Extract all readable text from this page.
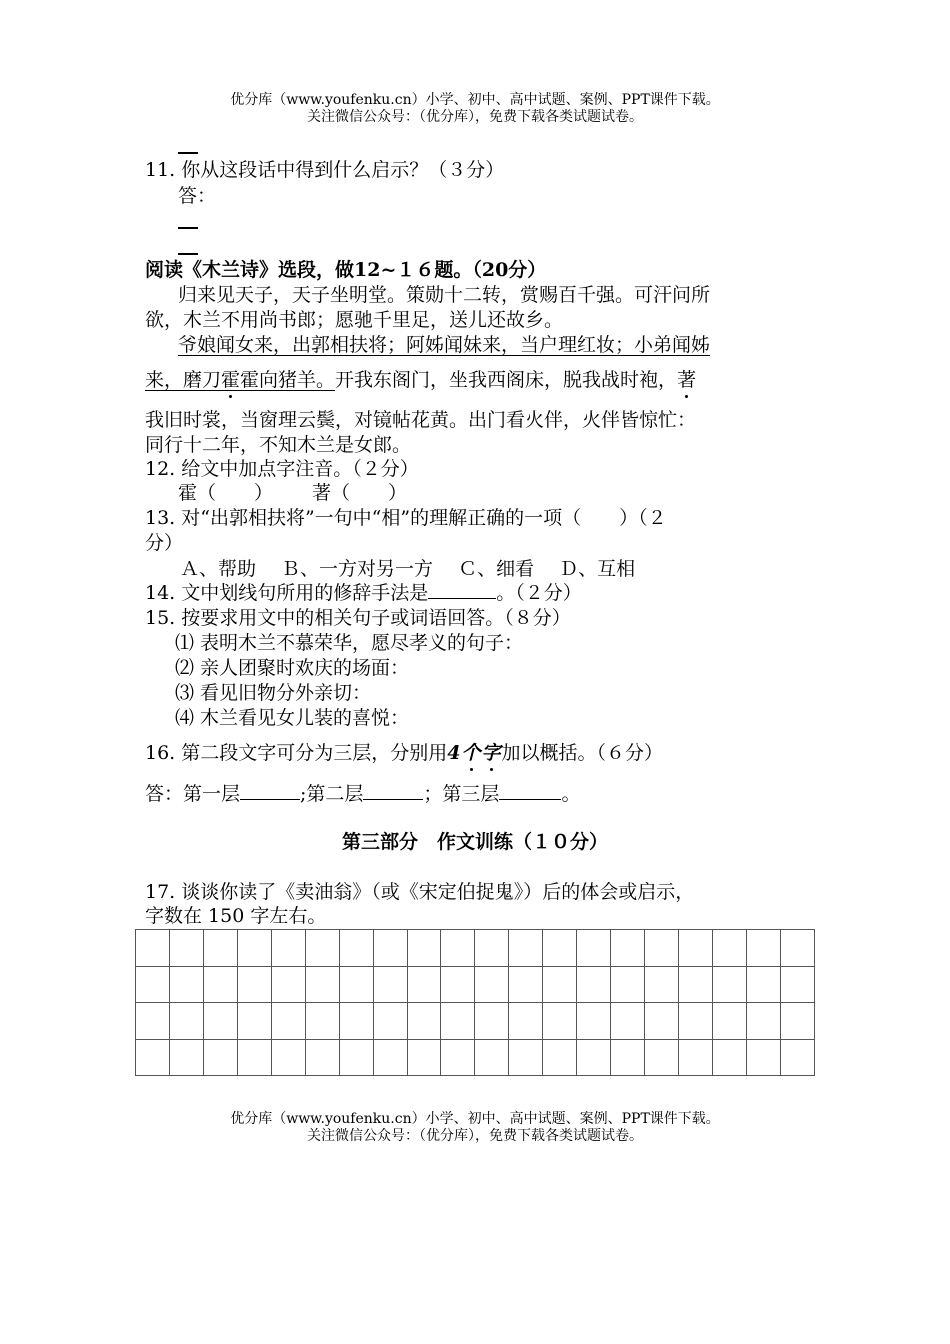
优分库（www.youfenku.cn）小学、初中、高中试题、案例、PPT课件下载。
关注微信公众号：（优分库），免费下载各类试题试卷。
11. 你从这段话中得到什么启示？（３分）
答：
阅读《木兰诗》选段，做12~１６题。（20分）
归来见天子，天子坐明堂。策勋十二转，赏赐百千强。可汗问所
欲，木兰不用尚书郎；愿驰千里足，送儿还故乡。
爷娘闻女来，出郭相扶将；阿姊闻妹来，当户理红妆；小弟闻姊
来，磨刀霍霍向猪羊。开我东阁门，坐我西阁床，脱我战时袍，著
我旧时裳，当窗理云鬓，对镜帖花黄。出门看火伴，火伴皆惊忙：
同行十二年，不知木兰是女郎。
12. 给文中加点字注音。（２分）
霍（　　） 著（　　）
13. 对“出郭相扶将”一句中“相”的理解正确的一项（　　）（２
分）
Ａ、帮助　 Ｂ、一方对另一方　 Ｃ、细看　 Ｄ、互相
14. 文中划线句所用的修辞手法是	。（２分）
15. 按要求用文中的相关句子或词语回答。（８分）
⑴ 表明木兰不慕荣华，愿尽孝义的句子：
⑵ 亲人团聚时欢庆的场面：
⑶ 看见旧物分外亲切：
⑷ 木兰看见女儿装的喜悦：
16. 第二段文字可分为三层，分别用4个字加以概括。（６分）
答：第一层	;第二层	；第三层	。
第三部分　作文训练（１０分）
17. 谈谈你读了《卖油翁》（或《宋定伯捉鬼》）后的体会或启示，
字数在 150 字左右。

优分库（www.youfenku.cn）小学、初中、高中试题、案例、PPT课件下载。
关注微信公众号：（优分库），免费下载各类试题试卷。
